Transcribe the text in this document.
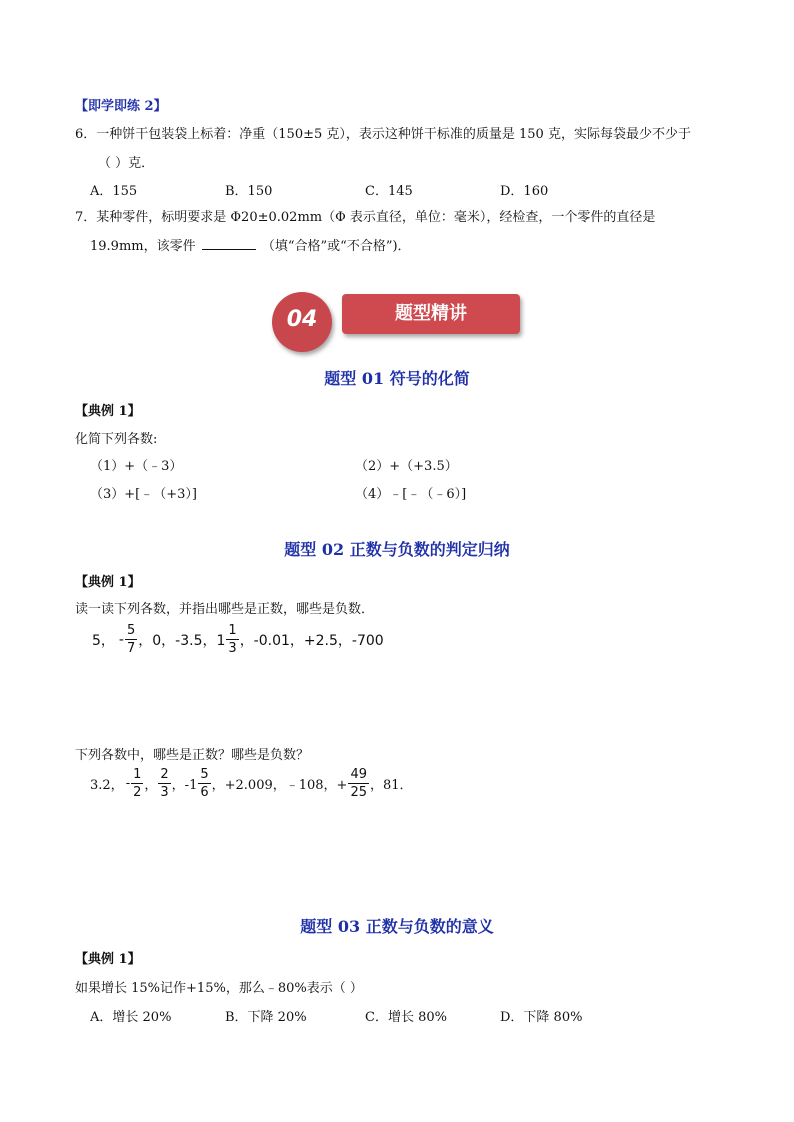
【即学即练 2】
6．一种饼干包装袋上标着：净重（150±5 克），表示这种饼干标准的质量是 150 克，实际每袋最少不少于
（ ）克．
A．155	B．150	C．145	D．160
7．某种零件，标明要求是 Φ20±0.02mm（Φ 表示直径，单位：毫米），经检查，一个零件的直径是
19.9mm，该零件	（填“合格”或“不合格”)．
题型精讲
04
题型 01 符号的化简
【典例 1】
化简下列各数:
（1）+（﹣3）	（2）+（+3.5）
（3）+[﹣（+3）]	（4）﹣[﹣（﹣6）]
题型 02 正数与负数的判定归纳
【典例 1】
读一读下列各数，并指出哪些是正数，哪些是负数．
5， - $\frac{5}{7}$ ，0，-3.5，$1 \frac{1}{3}$ ，-0.01，+2.5，-700
下列各数中，哪些是正数？哪些是负数？
3.2， - $\frac{1}{2}$ ， $\frac{2}{3}$ ，$-1 \frac{5}{6}$ ，+2.009，﹣108，+ $\frac{49}{25}$ ，81．
题型 03 正数与负数的意义
【典例 1】
如果增长 15%记作+15%，那么﹣80%表示（ ）
A．增长 20%	B．下降 20%	C．增长 80%	D．下降 80%
